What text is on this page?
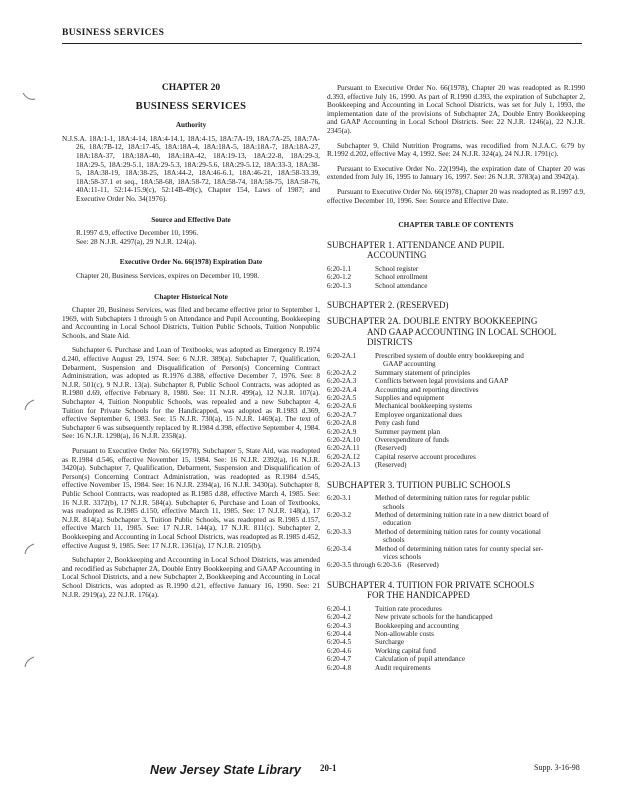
BUSINESS SERVICES
CHAPTER 20
BUSINESS SERVICES
Authority

N.J.S.A. 18A:1-1, 18A:4-14, 18A:4-14.1, 18A:4-15, 18A:7A-19, 18A:7A-25, 18A:7A-26, 18A:7B-12, 18A:17-45, 18A:18A-4, 18A:18A-5, 18A:18A-7, 18A:18A-27, 18A:18A-37, 18A:18A-40, 18A:18A-42, 18A:19-13, 18A:22-8, 18A:29-3, 18A:29-5, 18A:29-5.1, 18A:29-5.3, 18A:29-5.6, 18A:29-5.12, 18A:33-3, 18A:38-5, 18A:38-19, 18A:38-25, 18A:44-2, 18A:46-6.1, 18A:46-21, 18A:58-33.39, 18A:58-37.1 et seq., 18A:58-68, 18A:58-72, 18A:58-74, 18A:58-75, 18A:58-76, 40A:11-11, 52:14-15.9(c), 52:14B-49(c), Chapter 154, Laws of 1987; and Executive Order No. 34(1976).

Source and Effective Date

R.1997 d.9, effective December 10, 1996.

See: 28 N.J.R. 4297(a), 29 N.J.R. 124(a).

Executive Order No. 66(1978) Expiration Date

Chapter 20, Business Services, expires on December 10, 1998.

Chapter Historical Note

Chapter 20, Business Services, was filed and became effective prior to September 1, 1969, with Subchapters 1 through 5 on Attendance and Pupil Accounting, Bookkeeping and Accounting in Local School Districts, Tuition Public Schools, Tuition Nonpublic Schools, and State Aid.

Subchapter 6. Purchase and Loan of Textbooks, was adopted as Emergency R.1974 d.240, effective August 29, 1974. See: 6 N.J.R. 389(a). Subchapter 7, Qualification, Debarment, Suspension and Disqualification of Person(s) Concerning Contract Administration, was adopted as R.1976 d.388, effective December 7, 1976. See: 8 N.J.R. 501(c), 9 N.J.R. 13(a). Subchapter 8, Public School Contracts, was adopted as R.1980 d.69, effective February 8, 1980. See: 11 N.J.R. 499(a), 12 N.J.R. 107(a). Subchapter 4, Tuition Nonpublic Schools, was repealed and a new Subchapter 4, Tuition for Private Schools for the Handicapped, was adopted as R.1983 d.369, effective September 6, 1983. See: 15 N.J.R. 730(a), 15 N.J.R. 1469(a). The text of Subchapter 6 was subsequently replaced by R.1984 d.398, effective September 4, 1984. See: 16 N.J.R. 1298(a), 16 N.J.R. 2358(a).

Pursuant to Executive Order No. 66(1978), Subchapter 5, State Aid, was readopted as R.1984 d.546, effective November 15, 1984. See: 16 N.J.R. 2392(a), 16 N.J.R. 3420(a). Subchapter 7, Qualification, Debarment, Suspension and Disqualification of Person(s) Concerning Contract Administration, was readopted as R.1984 d.545, effective November 15, 1984. See: 16 N.J.R. 2394(a), 16 N.J.R. 3430(a). Subchapter 8, Public School Contracts, was readopted as R.1985 d.88, effective March 4, 1985. See: 16 N.J.R. 3372(b), 17 N.J.R. 584(a). Subchapter 6, Purchase and Loan of Textbooks, was readopted as R.1985 d.150, effective March 11, 1985. See: 17 N.J.R. 148(a), 17 N.J.R. 814(a). Subchapter 3, Tuition Public Schools, was readopted as R.1985 d.157, effective March 11, 1985. See: 17 N.J.R. 144(a), 17 N.J.R. 811(c). Subchapter 2, Bookkeeping and Accounting in Local School Districts, was readopted as R.1985 d.452, effective August 9, 1985. See: 17 N.J.R. 1361(a), 17 N.J.R. 2105(b).

Subchapter 2, Bookkeeping and Accounting in Local School Districts, was amended and recodified as Subchapter 2A, Double Entry Bookkeeping and GAAP Accounting in Local School Districts, and a new Subchapter 2, Bookkeeping and Accounting in Local School Districts, was adopted as R.1990 d.21, effective January 16, 1990. See: 21 N.J.R. 2919(a), 22 N.J.R. 176(a).

Pursuant to Executive Order No. 66(1978), Chapter 20 was readopted as R.1990 d.393, effective July 16, 1990. As part of R.1990 d.393, the expiration of Subchapter 2, Bookkeeping and Accounting in Local School Districts, was set for July 1, 1993, the implementation date of the provisions of Subchapter 2A, Double Entry Bookkeeping and GAAP Accounting in Local School Districts. See: 22 N.J.R. 1246(a), 22 N.J.R. 2345(a).

Subchapter 9, Child Nutrition Programs, was recodified from N.J.A.C. 6:79 by R.1992 d.202, effective May 4, 1992. See: 24 N.J.R. 324(a), 24 N.J.R. 1791(c).

Pursuant to Executive Order No. 22(1994), the expiration date of Chapter 20 was extended from July 16, 1995 to January 16, 1997. See: 26 N.J.R. 3783(a) and 3942(a).

Pursuant to Executive Order No. 66(1978), Chapter 20 was readopted as R.1997 d.9, effective December 10, 1996. See: Source and Effective Date.

CHAPTER TABLE OF CONTENTS
SUBCHAPTER 1. ATTENDANCE AND PUPIL
ACCOUNTING
6:20-1.1	School register
6:20-1.2	School enrollment
6:20-1.3	School attendance
SUBCHAPTER 2. (RESERVED)
SUBCHAPTER 2A. DOUBLE ENTRY BOOKKEEPING
AND GAAP ACCOUNTING IN LOCAL SCHOOL
DISTRICTS
6:20-2A.1	Prescribed system of double entry bookkeeping and
GAAP accounting
6:20-2A.2	Summary statement of principles
6:20-2A.3	Conflicts between legal provisions and GAAP
6:20-2A.4	Accounting and reporting directives
6:20-2A.5	Supplies and equipment
6:20-2A.6	Mechanical bookkeeping systems
6:20-2A.7	Employee organizational dues
6:20-2A.8	Petty cash fund
6:20-2A.9	Summer payment plan
6:20-2A.10	Overexpenditure of funds
6:20-2A.11	(Reserved)
6:20-2A.12	Capital reserve account procedures
6:20-2A.13	(Reserved)
SUBCHAPTER 3. TUITION PUBLIC SCHOOLS
6:20-3.1	Method of determining tuition rates for regular public
schools
6:20-3.2	Method of determining tuition rate in a new district board of
education
6:20-3.3	Method of determining tuition rates for county vocational
schools
6:20-3.4	Method of determining tuition rates for county special ser-
vices schools
6:20-3.5 through 6:20-3.6 (Reserved)
SUBCHAPTER 4. TUITION FOR PRIVATE SCHOOLS
FOR THE HANDICAPPED
6:20-4.1	Tuition rate procedures
6:20-4.2	New private schools for the handicapped
6:20-4.3	Bookkeeping and accounting
6:20-4.4	Non-allowable costs
6:20-4.5	Surcharge
6:20-4.6	Working capital fund
6:20-4.7	Calculation of pupil attendance
6:20-4.8	Audit requirements
New Jersey State Library 20-1	Supp. 3-16-98
